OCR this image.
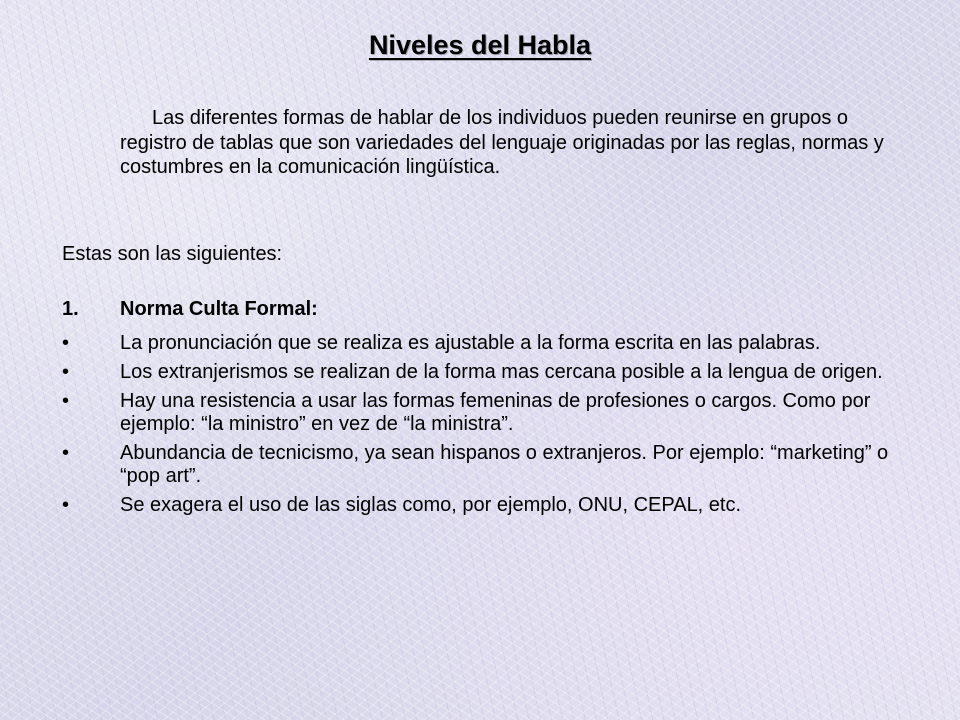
Niveles del Habla
Las diferentes formas de hablar de los individuos pueden reunirse en grupos o registro de tablas que son variedades del lenguaje originadas por las reglas, normas y costumbres en la comunicación lingüística.
Estas son las siguientes:
1. Norma Culta Formal:
•	La pronunciación que se realiza es ajustable a la forma escrita en las palabras.
•	Los extranjerismos se realizan de la forma mas cercana posible a la lengua de origen.
•	Hay una resistencia a usar las formas femeninas de profesiones o cargos. Como por ejemplo: “la ministro” en vez de “la ministra”.
•	Abundancia de tecnicismo, ya sean hispanos o extranjeros. Por ejemplo: “marketing” o “pop art”.
•	Se exagera el uso de las siglas como, por ejemplo, ONU, CEPAL, etc.
